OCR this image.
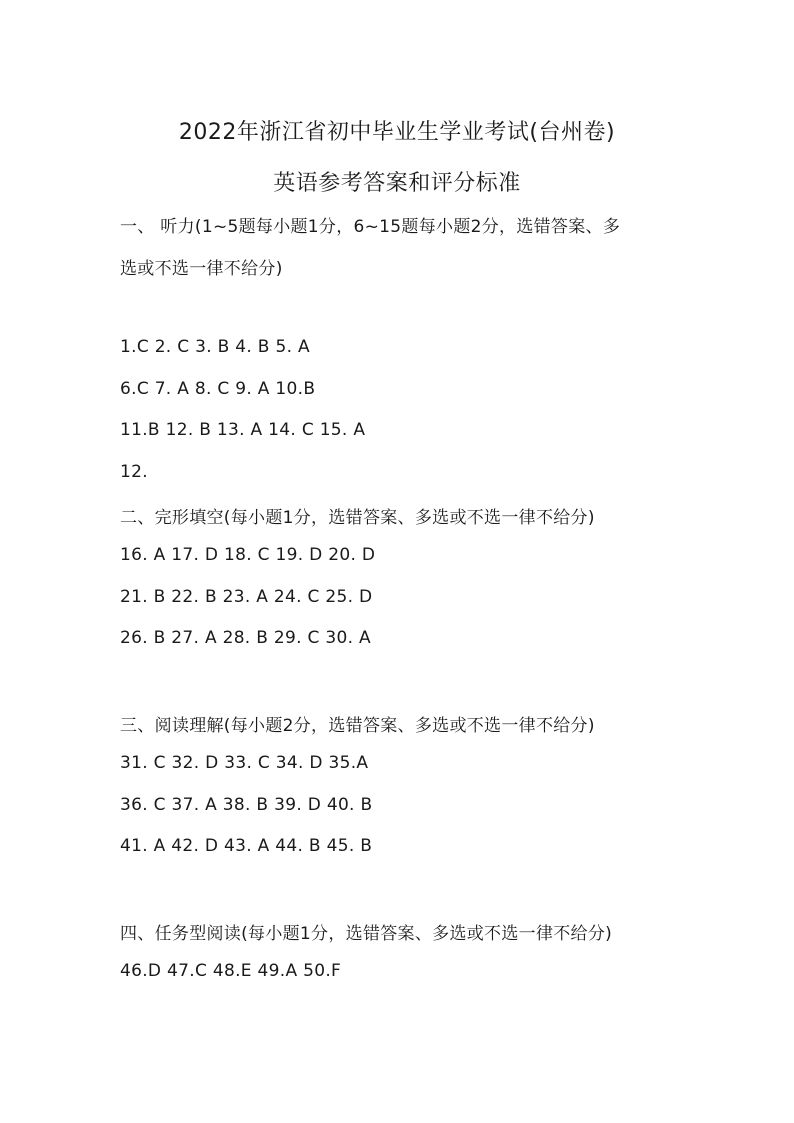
2022年浙江省初中毕业生学业考试(台州卷)
英语参考答案和评分标准
一、 听力(1~5题每小题1分，6~15题每小题2分，选错答案、多
选或不选一律不给分)
1.C 2. C 3. B 4. B 5. A
6.C 7. A 8. C 9. A 10.B
11.B 12. B 13. A 14. C 15. A
12.
二、完形填空(每小题1分，选错答案、多选或不选一律不给分)
16. A 17. D 18. C 19. D 20. D
21. B 22. B 23. A 24. C 25. D
26. B 27. A 28. B 29. C 30. A
三、阅读理解(每小题2分，选错答案、多选或不选一律不给分)
31. C 32. D 33. C 34. D 35.A
36. C 37. A 38. B 39. D 40. B
41. A 42. D 43. A 44. B 45. B
四、任务型阅读(每小题1分，选错答案、多选或不选一律不给分)
46.D 47.C 48.E 49.A 50.F
